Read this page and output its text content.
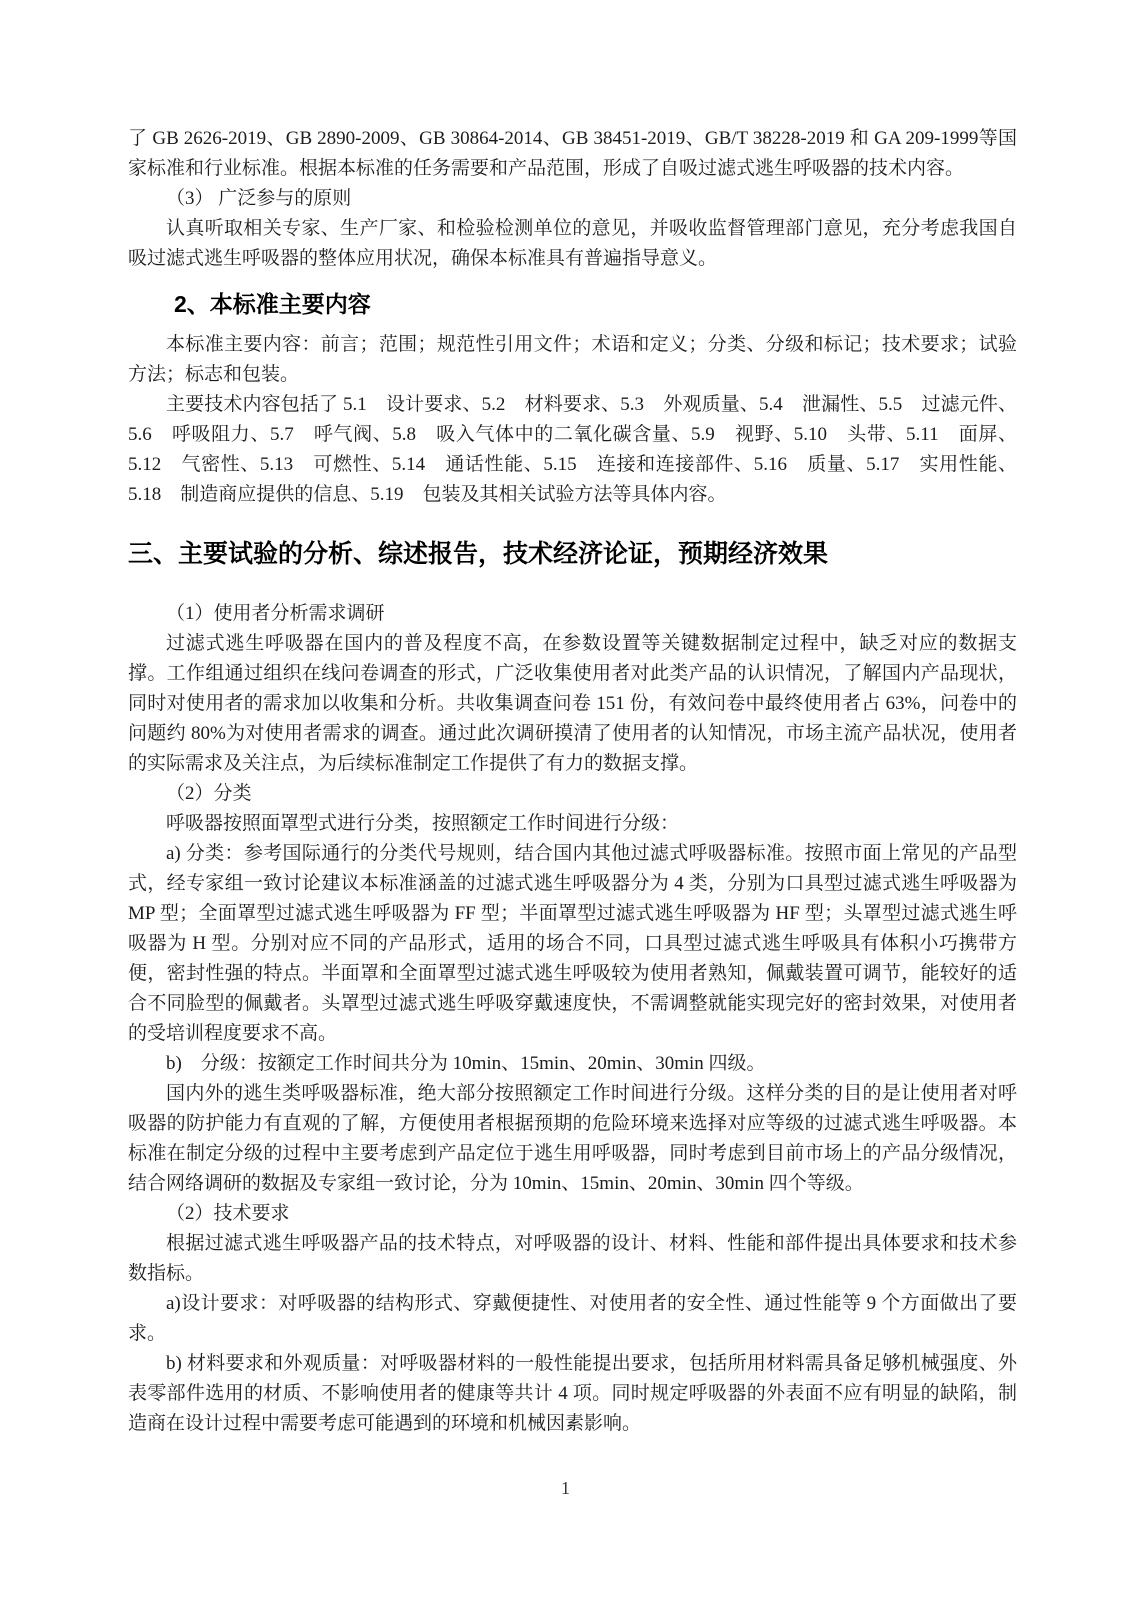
了 GB 2626-2019、GB 2890-2009、GB 30864-2014、GB 38451-2019、GB/T 38228-2019 和 GA 209-1999等国家标准和行业标准。根据本标准的任务需要和产品范围，形成了自吸过滤式逃生呼吸器的技术内容。

（3） 广泛参与的原则

认真听取相关专家、生产厂家、和检验检测单位的意见，并吸收监督管理部门意见，充分考虑我国自吸过滤式逃生呼吸器的整体应用状况，确保本标准具有普遍指导意义。

2、本标准主要内容

本标准主要内容：前言；范围；规范性引用文件；术语和定义；分类、分级和标记；技术要求；试验方法；标志和包装。

主要技术内容包括了 5.1　设计要求、5.2　材料要求、5.3　外观质量、5.4　泄漏性、5.5　过滤元件、5.6　呼吸阻力、5.7　呼气阀、5.8　吸入气体中的二氧化碳含量、5.9　视野、5.10　头带、5.11　面屏、5.12　气密性、5.13　可燃性、5.14　通话性能、5.15　连接和连接部件、5.16　质量、5.17　实用性能、5.18　制造商应提供的信息、5.19　包装及其相关试验方法等具体内容。

三、主要试验的分析、综述报告，技术经济论证，预期经济效果

（1）使用者分析需求调研

过滤式逃生呼吸器在国内的普及程度不高，在参数设置等关键数据制定过程中，缺乏对应的数据支撑。工作组通过组织在线问卷调查的形式，广泛收集使用者对此类产品的认识情况，了解国内产品现状，同时对使用者的需求加以收集和分析。共收集调查问卷 151 份，有效问卷中最终使用者占 63%，问卷中的问题约 80%为对使用者需求的调查。通过此次调研摸清了使用者的认知情况，市场主流产品状况，使用者的实际需求及关注点，为后续标准制定工作提供了有力的数据支撑。

（2）分类

呼吸器按照面罩型式进行分类，按照额定工作时间进行分级：

a) 分类：参考国际通行的分类代号规则，结合国内其他过滤式呼吸器标准。按照市面上常见的产品型式，经专家组一致讨论建议本标准涵盖的过滤式逃生呼吸器分为 4 类，分别为口具型过滤式逃生呼吸器为 MP 型；全面罩型过滤式逃生呼吸器为 FF 型；半面罩型过滤式逃生呼吸器为 HF 型；头罩型过滤式逃生呼吸器为 H 型。分别对应不同的产品形式，适用的场合不同，口具型过滤式逃生呼吸具有体积小巧携带方便，密封性强的特点。半面罩和全面罩型过滤式逃生呼吸较为使用者熟知，佩戴装置可调节，能较好的适合不同脸型的佩戴者。头罩型过滤式逃生呼吸穿戴速度快，不需调整就能实现完好的密封效果，对使用者的受培训程度要求不高。

b)　分级：按额定工作时间共分为 10min、15min、20min、30min 四级。

国内外的逃生类呼吸器标准，绝大部分按照额定工作时间进行分级。这样分类的目的是让使用者对呼吸器的防护能力有直观的了解，方便使用者根据预期的危险环境来选择对应等级的过滤式逃生呼吸器。本标准在制定分级的过程中主要考虑到产品定位于逃生用呼吸器，同时考虑到目前市场上的产品分级情况，结合网络调研的数据及专家组一致讨论，分为 10min、15min、20min、30min 四个等级。

（2）技术要求

根据过滤式逃生呼吸器产品的技术特点，对呼吸器的设计、材料、性能和部件提出具体要求和技术参数指标。

a)设计要求：对呼吸器的结构形式、穿戴便捷性、对使用者的安全性、通过性能等 9 个方面做出了要求。

b) 材料要求和外观质量：对呼吸器材料的一般性能提出要求，包括所用材料需具备足够机械强度、外表零部件选用的材质、不影响使用者的健康等共计 4 项。同时规定呼吸器的外表面不应有明显的缺陷，制造商在设计过程中需要考虑可能遇到的环境和机械因素影响。

1
